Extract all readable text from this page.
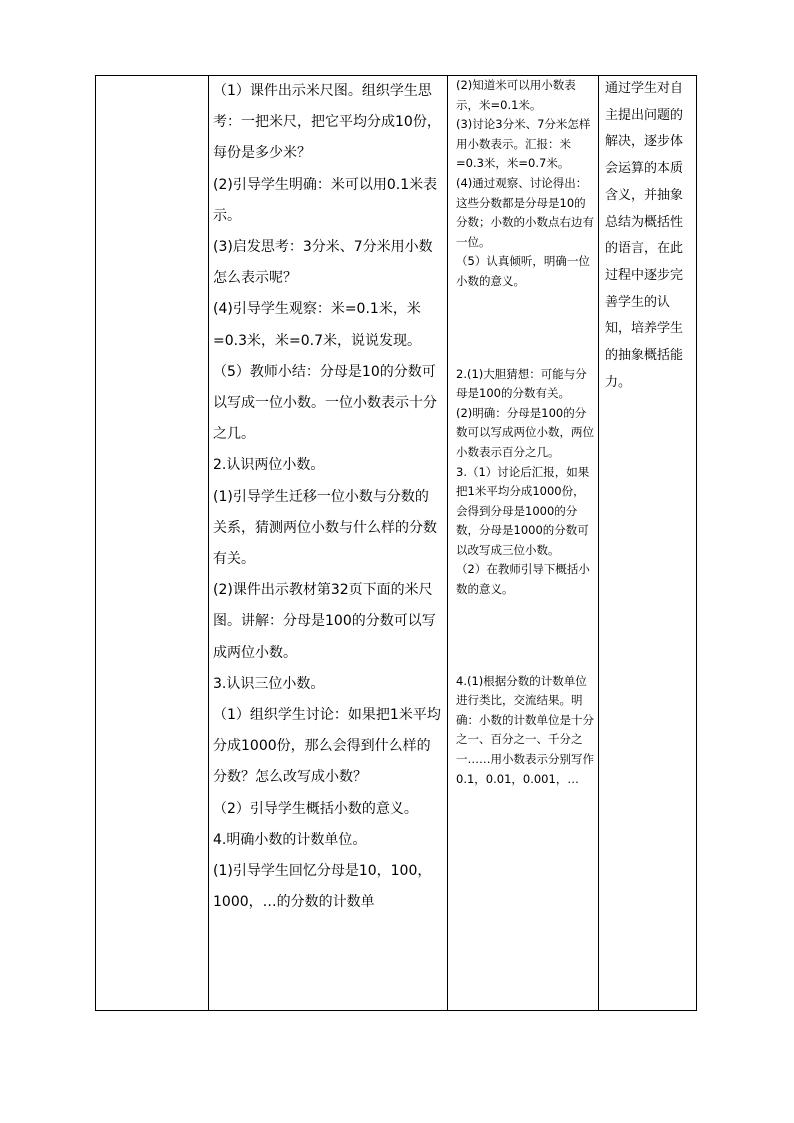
（1）课件出示米尺图。组织学生思考：一把米尺，把它平均分成10份，每份是多少米？
(2)引导学生明确：米可以用0.1米表示。
(3)启发思考：3分米、7分米用小数怎么表示呢？
(4)引导学生观察：米=0.1米，米=0.3米，米=0.7米，说说发现。
（5）教师小结：分母是10的分数可以写成一位小数。一位小数表示十分之几。
2.认识两位小数。
(1)引导学生迁移一位小数与分数的关系，猜测两位小数与什么样的分数有关。
(2)课件出示教材第32页下面的米尺图。讲解：分母是100的分数可以写成两位小数。
3.认识三位小数。
（1）组织学生讨论：如果把1米平均分成1000份，那么会得到什么样的分数？怎么改写成小数？
（2）引导学生概括小数的意义。
4.明确小数的计数单位。
(1)引导学生回忆分母是10，100，1000，…的分数的计数单

(2)知道米可以用小数表示，米=0.1米。
(3)讨论3分米、7分米怎样用小数表示。汇报：米=0.3米，米=0.7米。
(4)通过观察、讨论得出：这些分数都是分母是10的分数；小数的小数点右边有一位。
（5）认真倾听，明确一位小数的意义。
2.(1)大胆猜想：可能与分母是100的分数有关。
(2)明确：分母是100的分数可以写成两位小数，两位小数表示百分之几。
3.（1）讨论后汇报，如果把1米平均分成1000份，会得到分母是1000的分数，分母是1000的分数可以改写成三位小数。
（2）在教师引导下概括小数的意义。
4.(1)根据分数的计数单位进行类比，交流结果。明确：小数的计数单位是十分之一、百分之一、千分之一……用小数表示分别写作0.1，0.01，0.001，…

通过学生对自主提出问题的解决，逐步体会运算的本质含义，并抽象总结为概括性的语言，在此过程中逐步完善学生的认知，培养学生的抽象概括能力。
